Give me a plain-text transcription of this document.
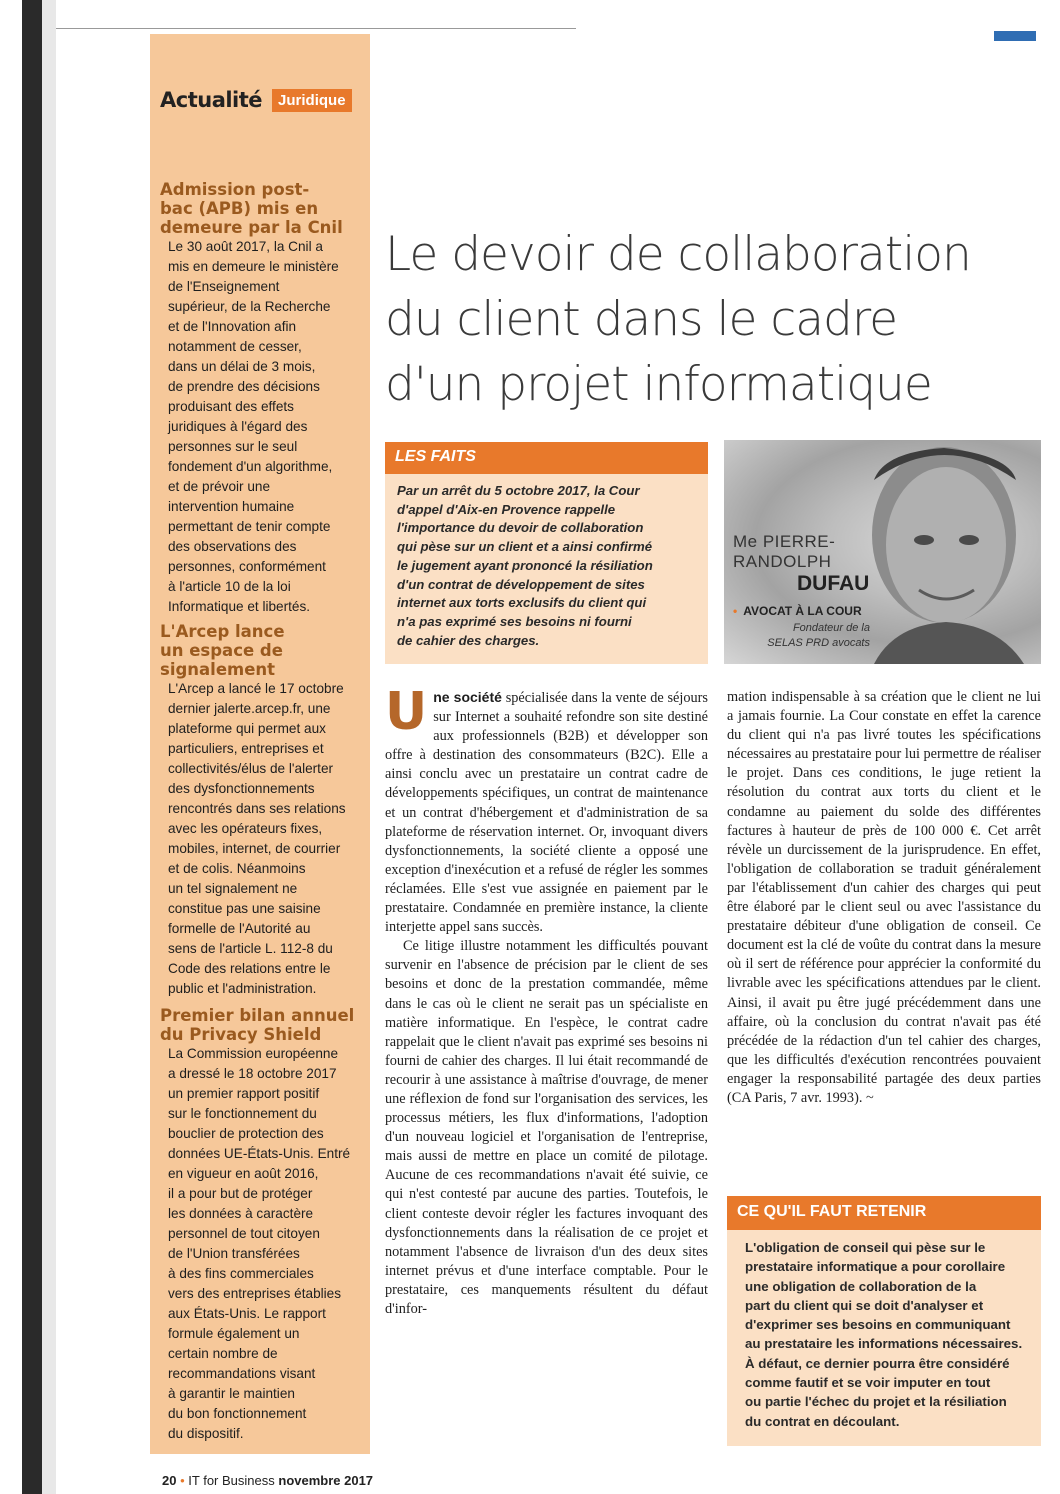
Actualité	Juridique
Admission post-
bac (APB) mis en
demeure par la Cnil

Le 30 août 2017, la Cnil a
mis en demeure le ministère
de l'Enseignement
supérieur, de la Recherche
et de l'Innovation afin
notamment de cesser,
dans un délai de 3 mois,
de prendre des décisions
produisant des effets
juridiques à l'égard des
personnes sur le seul
fondement d'un algorithme,
et de prévoir une
intervention humaine
permettant de tenir compte
des observations des
personnes, conformément
à l'article 10 de la loi
Informatique et libertés.

L'Arcep lance
un espace de
signalement

L'Arcep a lancé le 17 octobre
dernier jalerte.arcep.fr, une
plateforme qui permet aux
particuliers, entreprises et
collectivités/élus de l'alerter
des dysfonctionnements
rencontrés dans ses relations
avec les opérateurs fixes,
mobiles, internet, de courrier
et de colis. Néanmoins
un tel signalement ne
constitue pas une saisine
formelle de l'Autorité au
sens de l'article L. 112-8 du
Code des relations entre le
public et l'administration.

Premier bilan annuel
du Privacy Shield

La Commission européenne
a dressé le 18 octobre 2017
un premier rapport positif
sur le fonctionnement du
bouclier de protection des
données UE-États-Unis. Entré
en vigueur en août 2016,
il a pour but de protéger
les données à caractère
personnel de tout citoyen
de l'Union transférées
à des fins commerciales
vers des entreprises établies
aux États-Unis. Le rapport
formule également un
certain nombre de
recommandations visant
à garantir le maintien
du bon fonctionnement
du dispositif.

Le devoir de collaboration
du client dans le cadre
d'un projet informatique
LES FAITS
Par un arrêt du 5 octobre 2017, la Cour
d'appel d'Aix-en Provence rappelle
l'importance du devoir de collaboration
qui pèse sur un client et a ainsi confirmé
le jugement ayant prononcé la résiliation
d'un contrat de développement de sites
internet aux torts exclusifs du client qui
n'a pas exprimé ses besoins ni fourni
de cahier des charges.
Me PIERRE-
RANDOLPH
DUFAU
• AVOCAT À LA COUR
Fondateur de la
SELAS PRD avocats

Une société spécialisée dans la vente de séjours sur Internet a souhaité refondre son site destiné aux professionnels (B2B) et développer son offre à destination des consommateurs (B2C). Elle a ainsi conclu avec un prestataire un contrat cadre de développements spécifiques, un contrat de maintenance et un contrat d'hébergement et d'administration de sa plateforme de réservation internet. Or, invoquant divers dysfonctionnements, la société cliente a opposé une exception d'inexécution et a refusé de régler les sommes réclamées. Elle s'est vue assignée en paiement par le prestataire. Condamnée en première instance, la cliente interjette appel sans succès.

Ce litige illustre notamment les difficultés pouvant survenir en l'absence de précision par le client de ses besoins et donc de la prestation commandée, même dans le cas où le client ne serait pas un spécialiste en matière informatique. En l'espèce, le contrat cadre rappelait que le client n'avait pas exprimé ses besoins ni fourni de cahier des charges. Il lui était recommandé de recourir à une assistance à maîtrise d'ouvrage, de mener une réflexion de fond sur l'organisation des services, les processus métiers, les flux d'informations, l'adoption d'un nouveau logiciel et l'organisation de l'entreprise, mais aussi de mettre en place un comité de pilotage. Aucune de ces recommandations n'avait été suivie, ce qui n'est contesté par aucune des parties. Toutefois, le client conteste devoir régler les factures invoquant des dysfonctionnements dans la réalisation de ce projet et notamment l'absence de livraison d'un des deux sites internet prévus et d'une interface comptable. Pour le prestataire, ces manquements résultent du défaut d'infor-

mation indispensable à sa création que le client ne lui a jamais fournie. La Cour constate en effet la carence du client qui n'a pas livré toutes les spécifications nécessaires au prestataire pour lui permettre de réaliser le projet. Dans ces conditions, le juge retient la résolution du contrat aux torts du client et le condamne au paiement du solde des différentes factures à hauteur de près de 100 000 €. Cet arrêt révèle un durcissement de la jurisprudence. En effet, l'obligation de collaboration se traduit généralement par l'établissement d'un cahier des charges qui peut être élaboré par le client seul ou avec l'assistance du prestataire débiteur d'une obligation de conseil. Ce document est la clé de voûte du contrat dans la mesure où il sert de référence pour apprécier la conformité du livrable avec les spécifications attendues par le client. Ainsi, il avait pu être jugé précédemment dans une affaire, où la conclusion du contrat n'avait pas été précédée de la rédaction d'un tel cahier des charges, que les difficultés d'exécution rencontrées pouvaient engager la responsabilité partagée des deux parties (CA Paris, 7 avr. 1993). ~

CE QU'IL FAUT RETENIR
L'obligation de conseil qui pèse sur le
prestataire informatique a pour corollaire
une obligation de collaboration de la
part du client qui se doit d'analyser et
d'exprimer ses besoins en communiquant
au prestataire les informations nécessaires.
À défaut, ce dernier pourra être considéré
comme fautif et se voir imputer en tout
ou partie l'échec du projet et la résiliation
du contrat en découlant.
20 • IT for Business novembre 2017
